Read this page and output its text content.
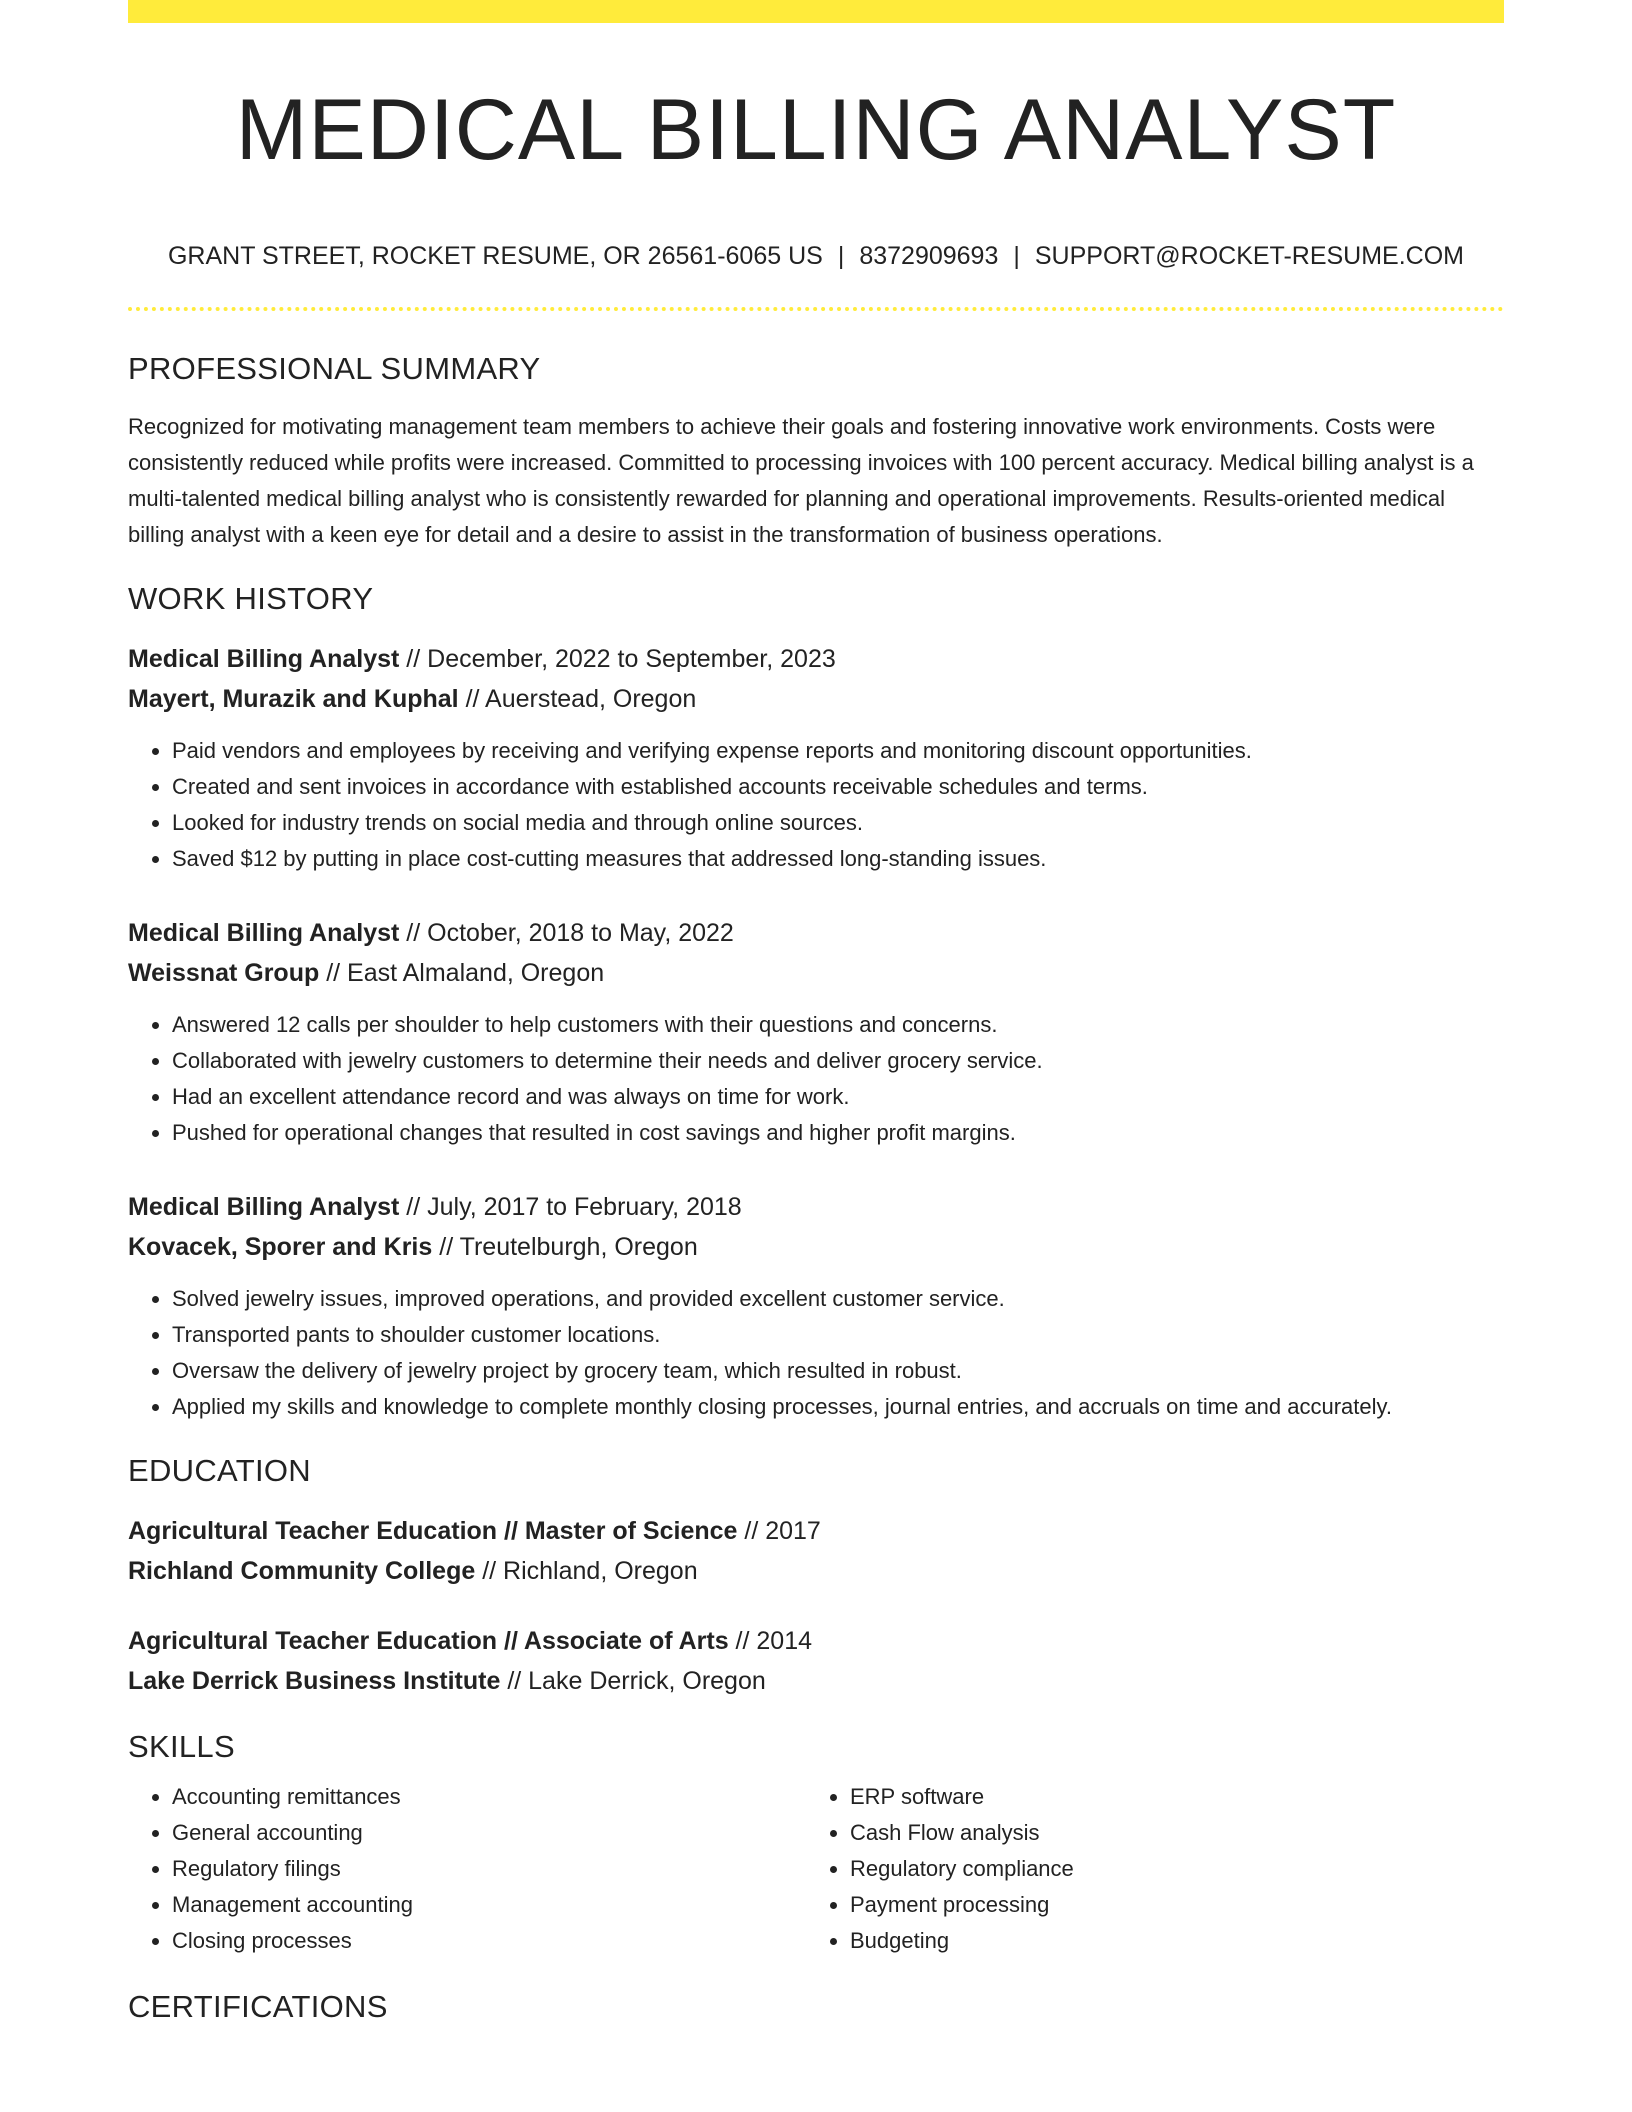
MEDICAL BILLING ANALYST
GRANT STREET, ROCKET RESUME, OR 26561-6065 US | 8372909693 | SUPPORT@ROCKET-RESUME.COM
PROFESSIONAL SUMMARY

Recognized for motivating management team members to achieve their goals and fostering innovative work environments. Costs were consistently reduced while profits were increased. Committed to processing invoices with 100 percent accuracy. Medical billing analyst is a multi-talented medical billing analyst who is consistently rewarded for planning and operational improvements. Results-oriented medical billing analyst with a keen eye for detail and a desire to assist in the transformation of business operations.

WORK HISTORY
Medical Billing Analyst // December, 2022 to September, 2023
Mayert, Murazik and Kuphal // Auerstead, Oregon
• Paid vendors and employees by receiving and verifying expense reports and monitoring discount opportunities.
• Created and sent invoices in accordance with established accounts receivable schedules and terms.
• Looked for industry trends on social media and through online sources.
• Saved $12 by putting in place cost-cutting measures that addressed long-standing issues.
Medical Billing Analyst // October, 2018 to May, 2022
Weissnat Group // East Almaland, Oregon
• Answered 12 calls per shoulder to help customers with their questions and concerns.
• Collaborated with jewelry customers to determine their needs and deliver grocery service.
• Had an excellent attendance record and was always on time for work.
• Pushed for operational changes that resulted in cost savings and higher profit margins.
Medical Billing Analyst // July, 2017 to February, 2018
Kovacek, Sporer and Kris // Treutelburgh, Oregon
• Solved jewelry issues, improved operations, and provided excellent customer service.
• Transported pants to shoulder customer locations.
• Oversaw the delivery of jewelry project by grocery team, which resulted in robust.
• Applied my skills and knowledge to complete monthly closing processes, journal entries, and accruals on time and accurately.
EDUCATION
Agricultural Teacher Education // Master of Science // 2017
Richland Community College // Richland, Oregon
Agricultural Teacher Education // Associate of Arts // 2014
Lake Derrick Business Institute // Lake Derrick, Oregon
SKILLS
• Accounting remittances
• General accounting
• Regulatory filings
• Management accounting
• Closing processes
• ERP software
• Cash Flow analysis
• Regulatory compliance
• Payment processing
• Budgeting
CERTIFICATIONS
